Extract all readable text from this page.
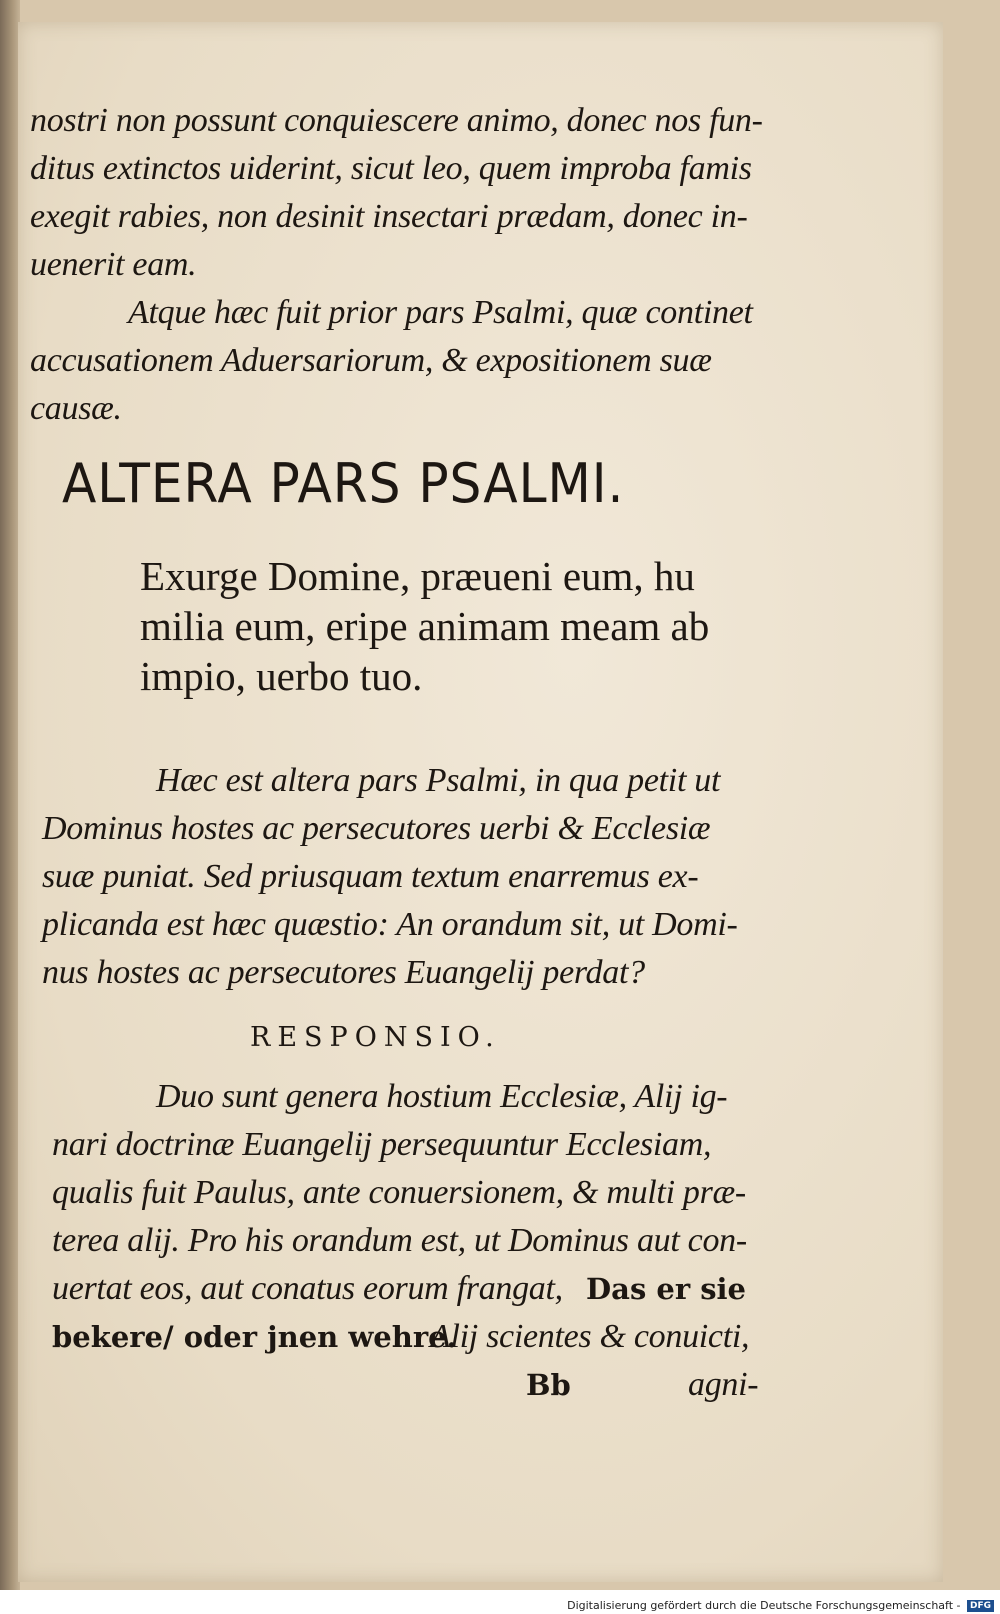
nostri non possunt conquiescere animo, donec nos fun-
ditus extinctos uiderint, sicut leo, quem improba famis
exegit rabies, non desinit insectari prædam, donec in-
uenerit eam.
Atque hæc fuit prior pars Psalmi, quæ continet
accusationem Aduersariorum, & expositionem suæ
causæ.
ALTERA PARS PSALMI.
Exurge Domine, præueni eum, hu
milia eum, eripe animam meam ab
impio, uerbo tuo.
Hæc est altera pars Psalmi, in qua petit ut
Dominus hostes ac persecutores uerbi & Ecclesiæ
suæ puniat. Sed priusquam textum enarremus ex-
plicanda est hæc quæstio: An orandum sit, ut Domi-
nus hostes ac persecutores Euangelij perdat?
RESPONSIO.
Duo sunt genera hostium Ecclesiæ, Alij ig-
nari doctrinæ Euangelij persequuntur Ecclesiam,
qualis fuit Paulus, ante conuersionem, & multi præ-
terea alij. Pro his orandum est, ut Dominus aut con-
uertat eos, aut conatus eorum frangat, Das er sie
bekere/ oder jnen wehre.
Alij scientes & conuicti,
Bb	agni-
Digitalisierung gefördert durch die Deutsche Forschungsgemeinschaft - DFG
